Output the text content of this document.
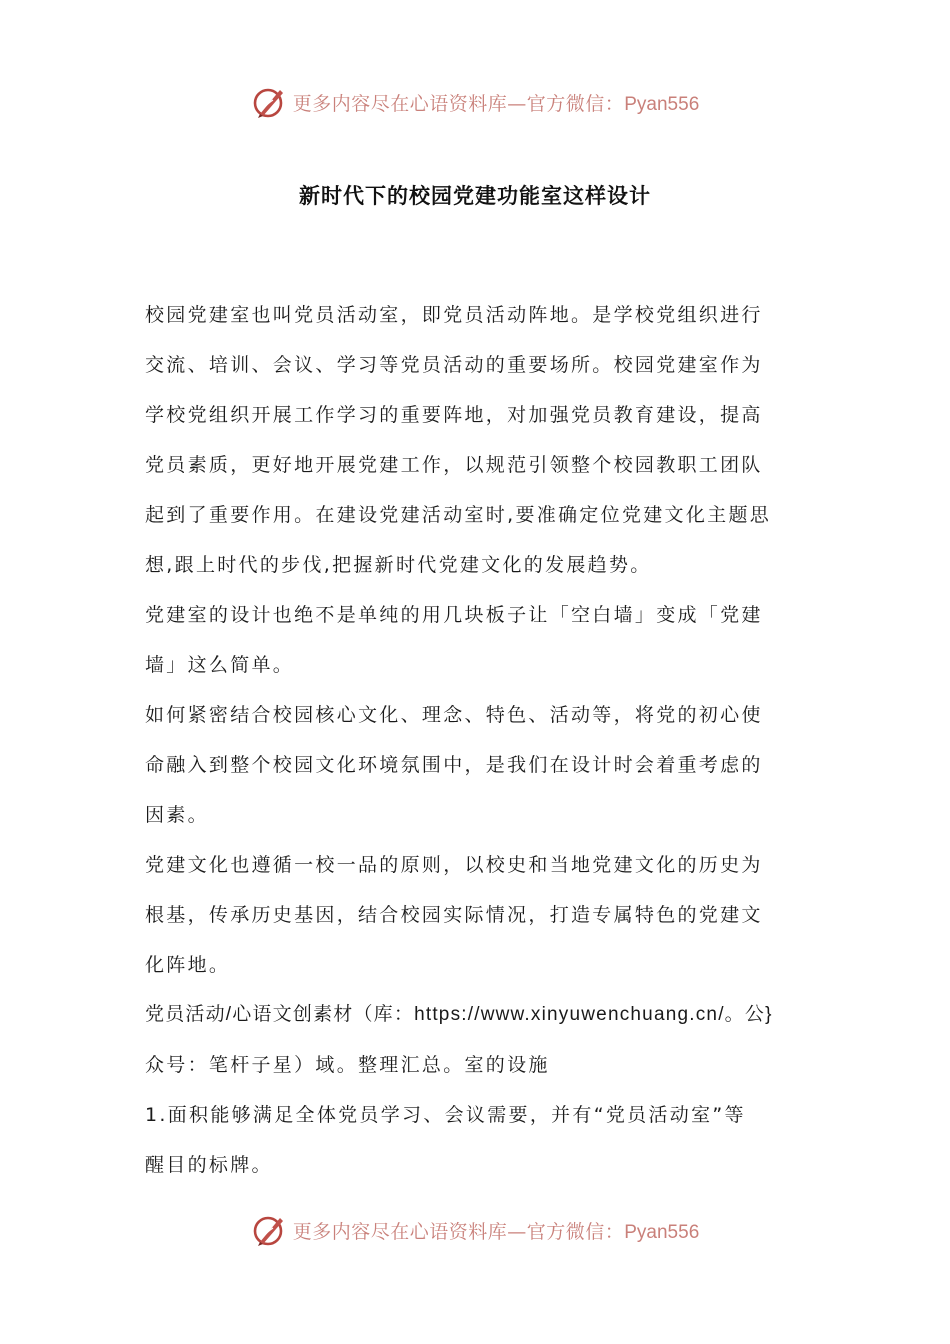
更多内容尽在心语资料库—官方微信：Pyan556
新时代下的校园党建功能室这样设计
校园党建室也叫党员活动室，即党员活动阵地。是学校党组织进行
交流、培训、会议、学习等党员活动的重要场所。校园党建室作为
学校党组织开展工作学习的重要阵地，对加强党员教育建设，提高
党员素质，更好地开展党建工作，以规范引领整个校园教职工团队
起到了重要作用。在建设党建活动室时,要准确定位党建文化主题思
想,跟上时代的步伐,把握新时代党建文化的发展趋势。
党建室的设计也绝不是单纯的用几块板子让「空白墙」变成「党建
墙」这么简单。
如何紧密结合校园核心文化、理念、特色、活动等，将党的初心使
命融入到整个校园文化环境氛围中，是我们在设计时会着重考虑的
因素。
党建文化也遵循一校一品的原则，以校史和当地党建文化的历史为
根基，传承历史基因，结合校园实际情况，打造专属特色的党建文
化阵地。
党员活动/心语文创素材（库：https://www.xinyuwenchuang.cn/。公}
众号：笔杆子星）域。整理汇总。室的设施
1.面积能够满足全体党员学习、会议需要，并有“党员活动室”等
醒目的标牌。
更多内容尽在心语资料库—官方微信：Pyan556
